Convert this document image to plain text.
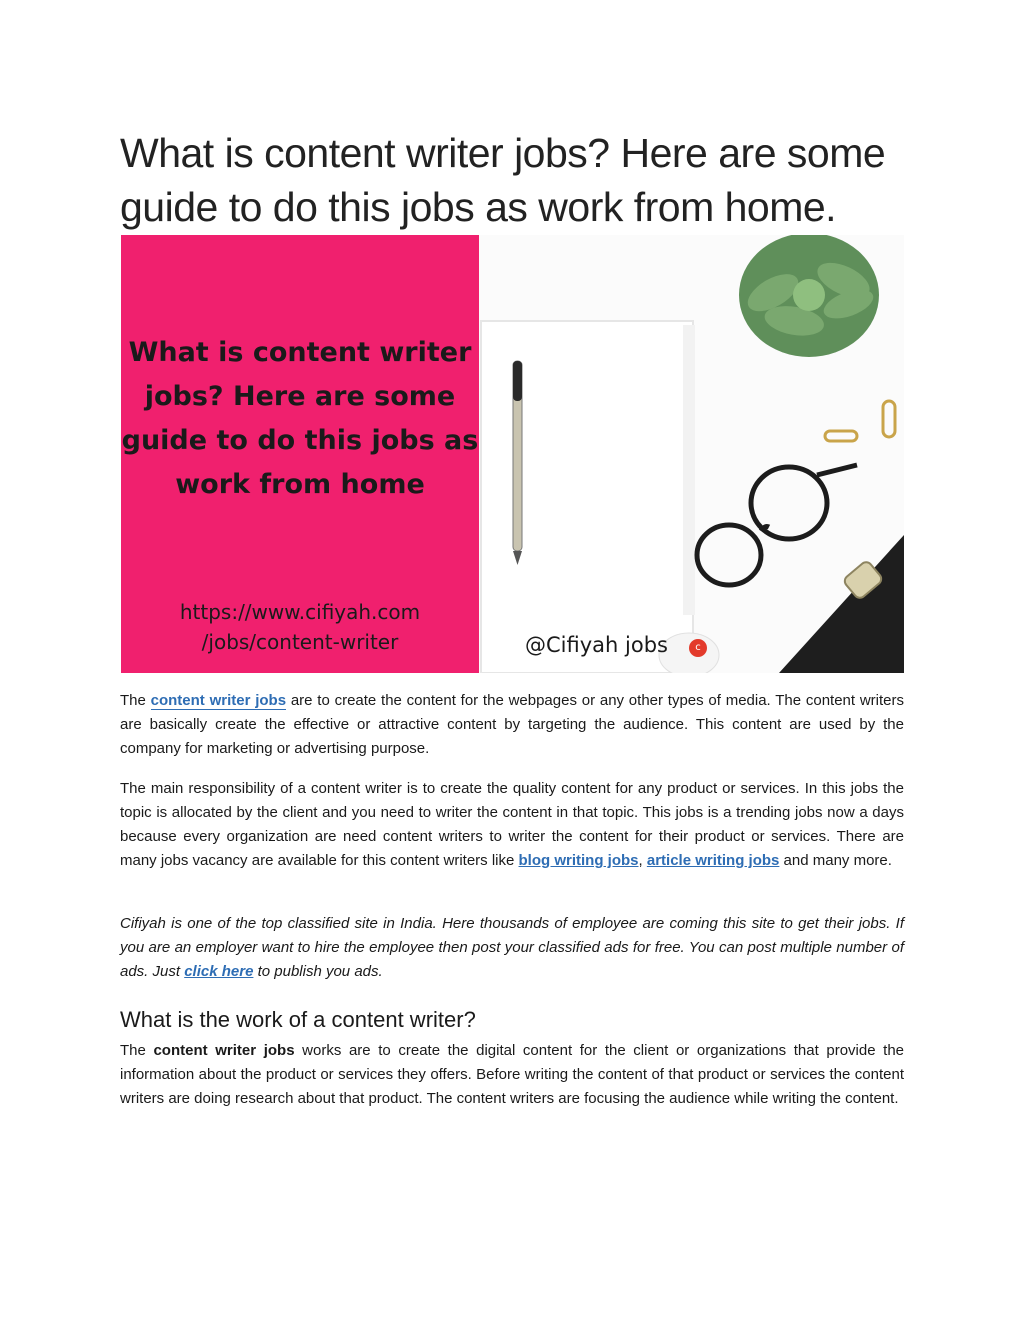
What is content writer jobs? Here are some guide to do this jobs as work from home.

What is content writer jobs? Here are some guide to do this jobs as work from home

https://www.cifiyah.com
/jobs/content-writer	@Cifiyah jobs	c

The content writer jobs are to create the content for the webpages or any other types of media. The content writers are basically create the effective or attractive content by targeting the audience. This content are used by the company for marketing or advertising purpose.

The main responsibility of a content writer is to create the quality content for any product or services. In this jobs the topic is allocated by the client and you need to writer the content in that topic. This jobs is a trending jobs now a days because every organization are need content writers to writer the content for their product or services. There are many jobs vacancy are available for this content writers like blog writing jobs, article writing jobs and many more.

Cifiyah is one of the top classified site in India. Here thousands of employee are coming this site to get their jobs. If you are an employer want to hire the employee then post your classified ads for free. You can post multiple number of ads. Just click here to publish you ads.

What is the work of a content writer?

The content writer jobs works are to create the digital content for the client or organizations that provide the information about the product or services they offers. Before writing the content of that product or services the content writers are doing research about that product. The content writers are focusing the audience while writing the content.
